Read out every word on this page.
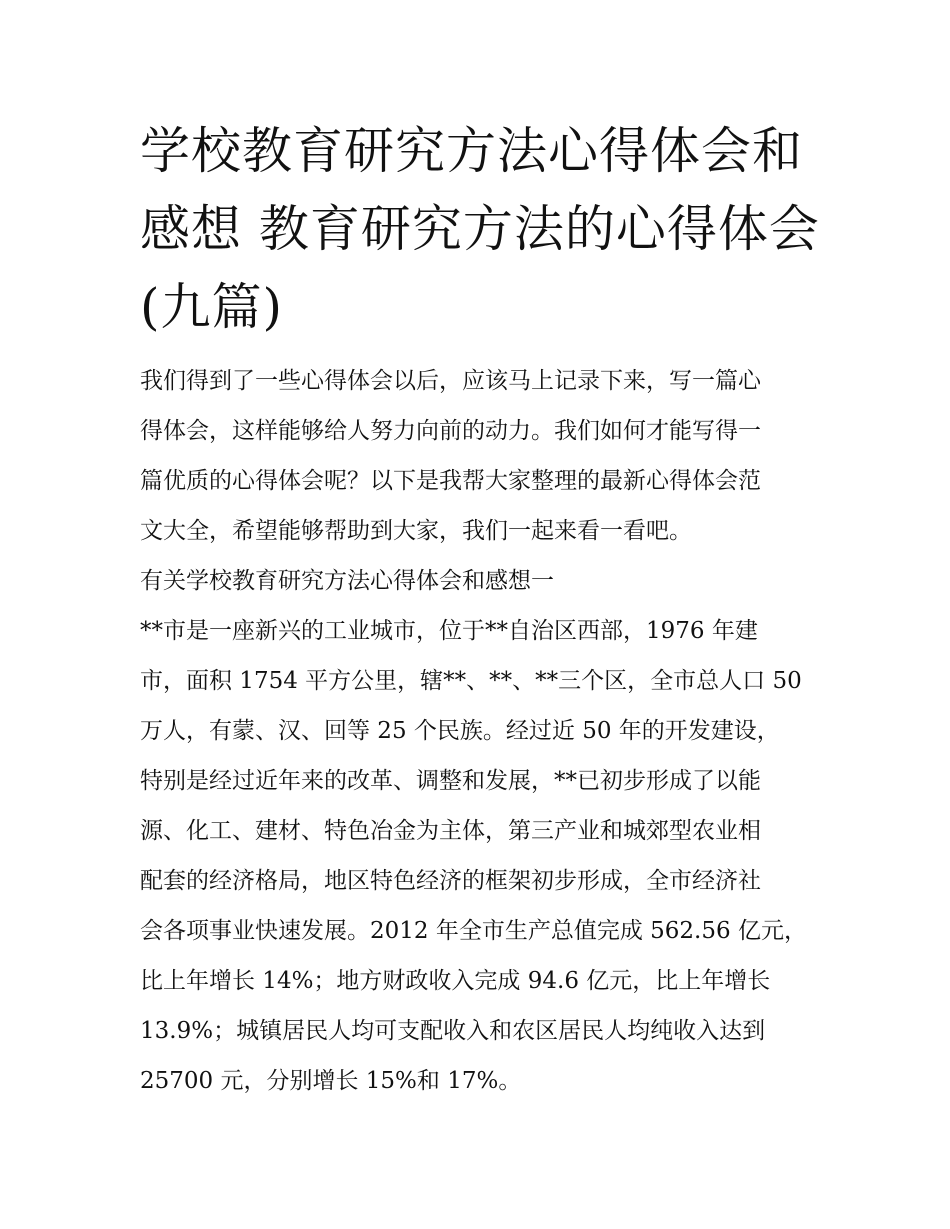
学校教育研究方法心得体会和
感想 教育研究方法的心得体会
(九篇)

我们得到了一些心得体会以后，应该马上记录下来，写一篇心
得体会，这样能够给人努力向前的动力。我们如何才能写得一
篇优质的心得体会呢？以下是我帮大家整理的最新心得体会范
文大全，希望能够帮助到大家，我们一起来看一看吧。

有关学校教育研究方法心得体会和感想一

**市是一座新兴的工业城市，位于**自治区西部，1976 年建
市，面积 1754 平方公里，辖**、**、**三个区，全市总人口 50
万人，有蒙、汉、回等 25 个民族。经过近 50 年的开发建设，
特别是经过近年来的改革、调整和发展，**已初步形成了以能
源、化工、建材、特色冶金为主体，第三产业和城郊型农业相
配套的经济格局，地区特色经济的框架初步形成，全市经济社
会各项事业快速发展。2012 年全市生产总值完成 562.56 亿元，
比上年增长 14%；地方财政收入完成 94.6 亿元，比上年增长
13.9%；城镇居民人均可支配收入和农区居民人均纯收入达到
25700 元，分别增长 15%和 17%。
